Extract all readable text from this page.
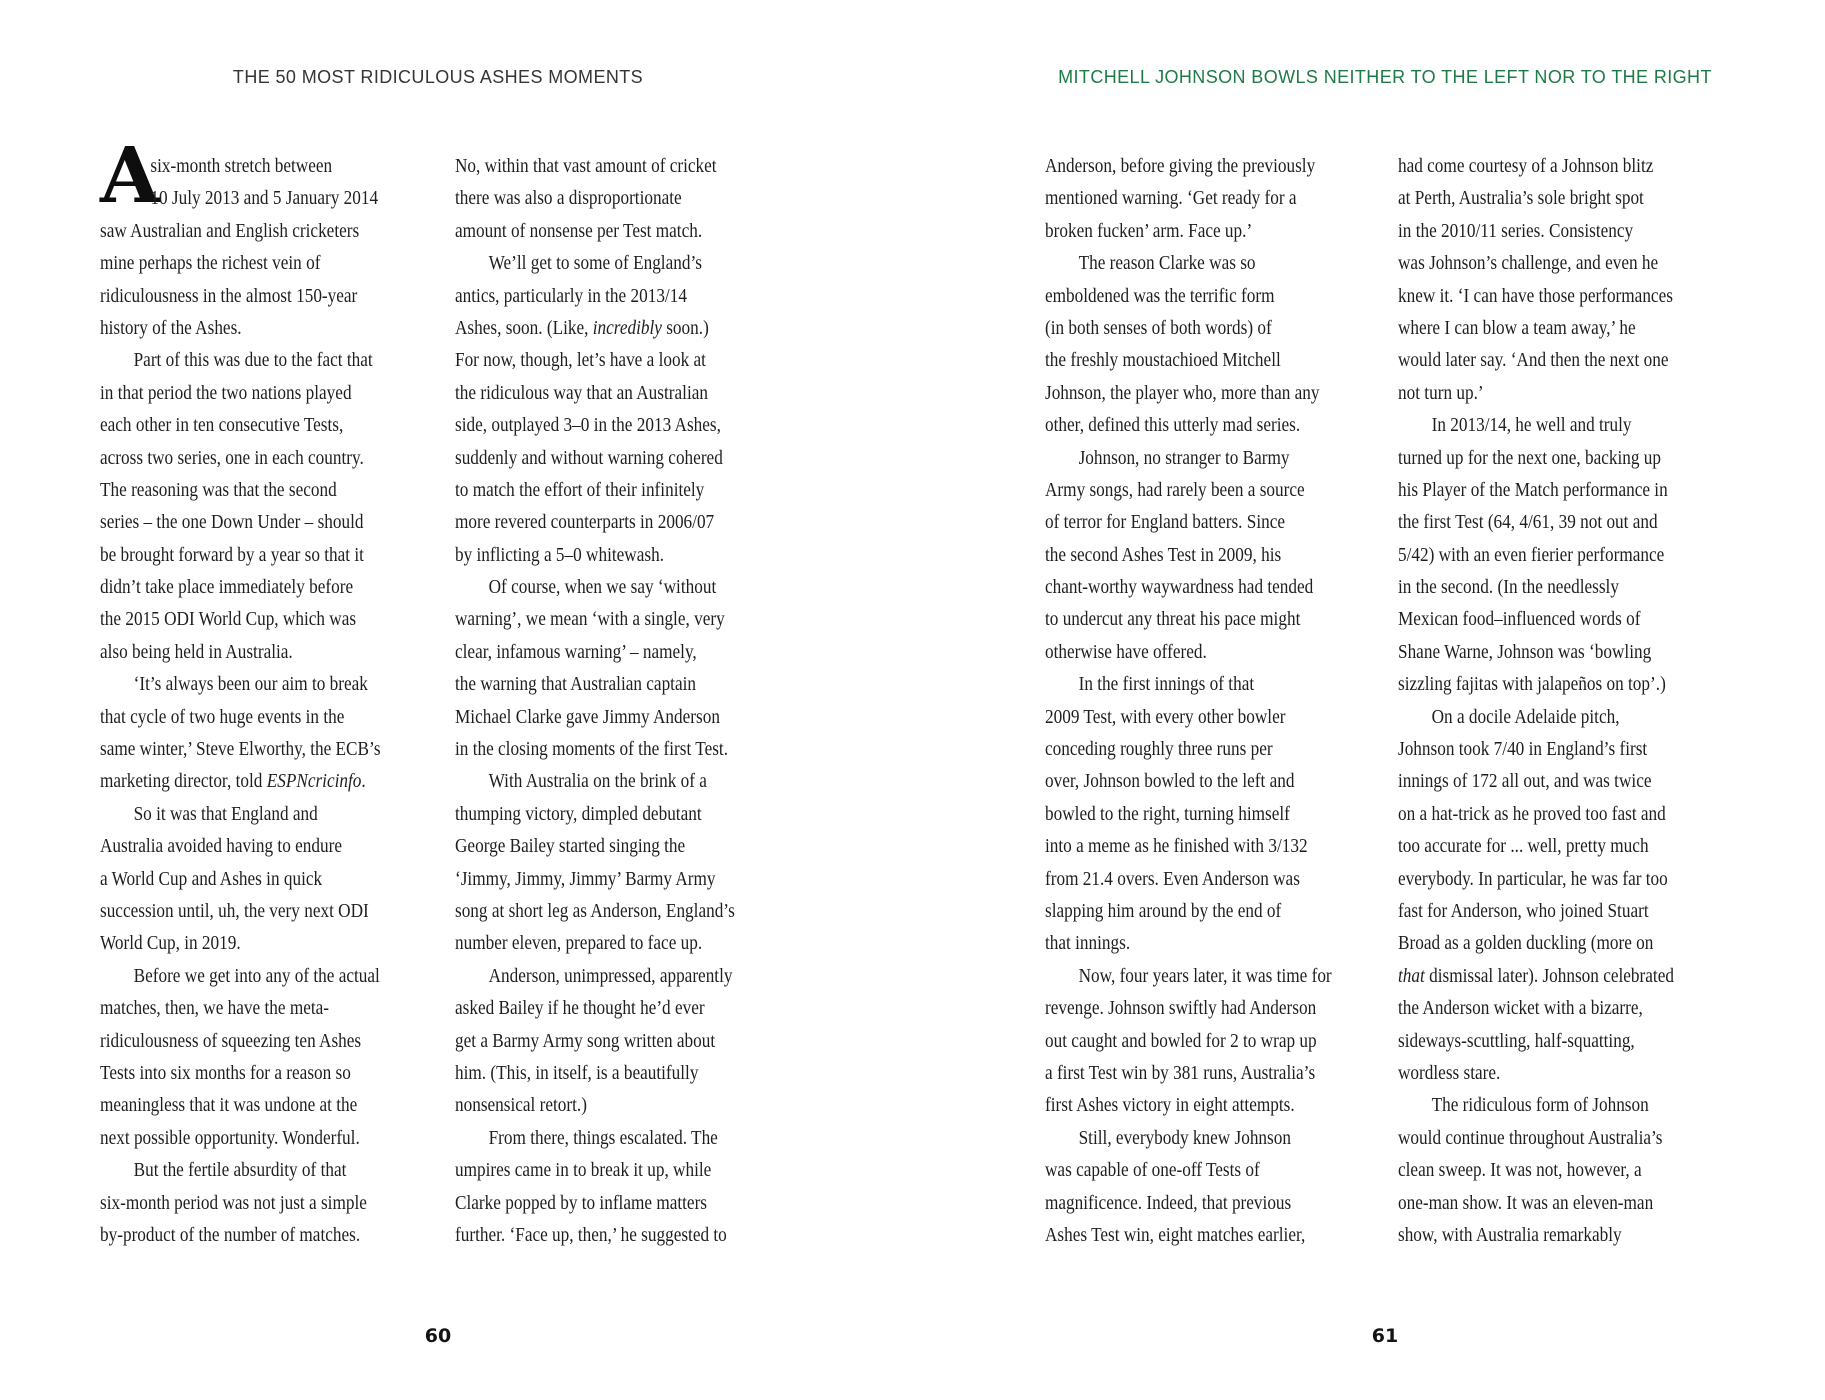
THE 50 MOST RIDICULOUS ASHES MOMENTS	MITCHELL JOHNSON BOWLS NEITHER TO THE LEFT NOR TO THE RIGHT
A
six-month stretch between
10 July 2013 and 5 January 2014
saw Australian and English cricketers
mine perhaps the richest vein of
ridiculousness in the almost 150-year
history of the Ashes.
Part of this was due to the fact that
in that period the two nations played
each other in ten consecutive Tests,
across two series, one in each country.
The reasoning was that the second
series – the one Down Under – should
be brought forward by a year so that it
didn’t take place immediately before
the 2015 ODI World Cup, which was
also being held in Australia.
‘It’s always been our aim to break
that cycle of two huge events in the
same winter,’ Steve Elworthy, the ECB’s
marketing director, told ESPNcricinfo.
So it was that England and
Australia avoided having to endure
a World Cup and Ashes in quick
succession until, uh, the very next ODI
World Cup, in 2019.
Before we get into any of the actual
matches, then, we have the meta-
ridiculousness of squeezing ten Ashes
Tests into six months for a reason so
meaningless that it was undone at the
next possible opportunity. Wonderful.
But the fertile absurdity of that
six-month period was not just a simple
by-product of the number of matches.
No, within that vast amount of cricket
there was also a disproportionate
amount of nonsense per Test match.
We’ll get to some of England’s
antics, particularly in the 2013/14
Ashes, soon. (Like, incredibly soon.)
For now, though, let’s have a look at
the ridiculous way that an Australian
side, outplayed 3–0 in the 2013 Ashes,
suddenly and without warning cohered
to match the effort of their infinitely
more revered counterparts in 2006/07
by inflicting a 5–0 whitewash.
Of course, when we say ‘without
warning’, we mean ‘with a single, very
clear, infamous warning’ – namely,
the warning that Australian captain
Michael Clarke gave Jimmy Anderson
in the closing moments of the first Test.
With Australia on the brink of a
thumping victory, dimpled debutant
George Bailey started singing the
‘Jimmy, Jimmy, Jimmy’ Barmy Army
song at short leg as Anderson, England’s
number eleven, prepared to face up.
Anderson, unimpressed, apparently
asked Bailey if he thought he’d ever
get a Barmy Army song written about
him. (This, in itself, is a beautifully
nonsensical retort.)
From there, things escalated. The
umpires came in to break it up, while
Clarke popped by to inflame matters
further. ‘Face up, then,’ he suggested to
Anderson, before giving the previously
mentioned warning. ‘Get ready for a
broken fucken’ arm. Face up.’
The reason Clarke was so
emboldened was the terrific form
(in both senses of both words) of
the freshly moustachioed Mitchell
Johnson, the player who, more than any
other, defined this utterly mad series.
Johnson, no stranger to Barmy
Army songs, had rarely been a source
of terror for England batters. Since
the second Ashes Test in 2009, his
chant-worthy waywardness had tended
to undercut any threat his pace might
otherwise have offered.
In the first innings of that
2009 Test, with every other bowler
conceding roughly three runs per
over, Johnson bowled to the left and
bowled to the right, turning himself
into a meme as he finished with 3/132
from 21.4 overs. Even Anderson was
slapping him around by the end of
that innings.
Now, four years later, it was time for
revenge. Johnson swiftly had Anderson
out caught and bowled for 2 to wrap up
a first Test win by 381 runs, Australia’s
first Ashes victory in eight attempts.
Still, everybody knew Johnson
was capable of one-off Tests of
magnificence. Indeed, that previous
Ashes Test win, eight matches earlier,
had come courtesy of a Johnson blitz
at Perth, Australia’s sole bright spot
in the 2010/11 series. Consistency
was Johnson’s challenge, and even he
knew it. ‘I can have those performances
where I can blow a team away,’ he
would later say. ‘And then the next one
not turn up.’
In 2013/14, he well and truly
turned up for the next one, backing up
his Player of the Match performance in
the first Test (64, 4/61, 39 not out and
5/42) with an even fierier performance
in the second. (In the needlessly
Mexican food–influenced words of
Shane Warne, Johnson was ‘bowling
sizzling fajitas with jalapeños on top’.)
On a docile Adelaide pitch,
Johnson took 7/40 in England’s first
innings of 172 all out, and was twice
on a hat-trick as he proved too fast and
too accurate for ... well, pretty much
everybody. In particular, he was far too
fast for Anderson, who joined Stuart
Broad as a golden duckling (more on
that dismissal later). Johnson celebrated
the Anderson wicket with a bizarre,
sideways-scuttling, half-squatting,
wordless stare.
The ridiculous form of Johnson
would continue throughout Australia’s
clean sweep. It was not, however, a
one-man show. It was an eleven-man
show, with Australia remarkably
60	61
